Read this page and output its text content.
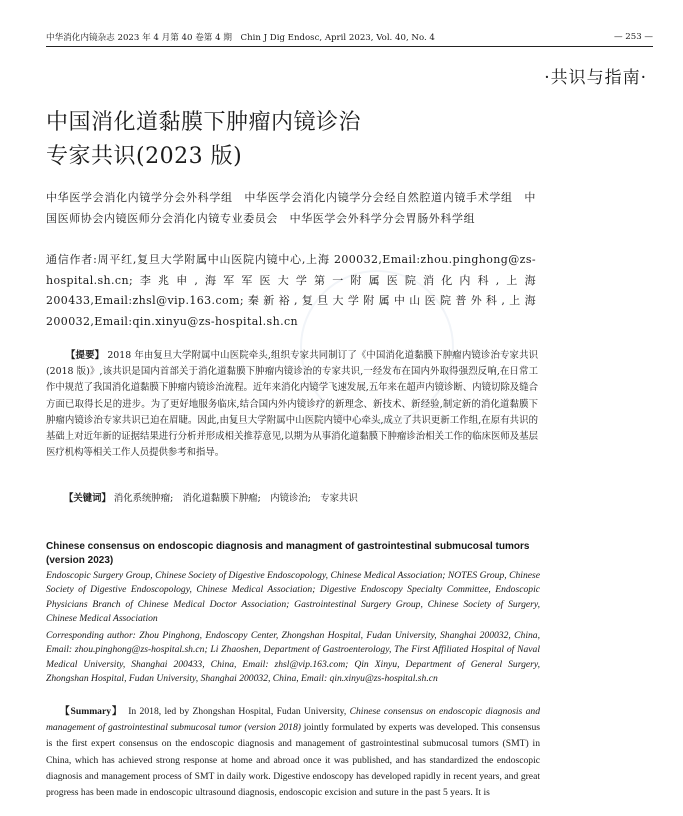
中华消化内镜杂志 2023 年 4 月第 40 卷第 4 期　Chin J Dig Endosc, April 2023, Vol. 40, No. 4	— 253 —
·共识与指南·
中国消化道黏膜下肿瘤内镜诊治
专家共识(2023 版)
中华医学会消化内镜学分会外科学组　中华医学会消化内镜学分会经自然腔道内镜手术学组　中国医师协会内镜医师分会消化内镜专业委员会　中华医学会外科学分会胃肠外科学组
通信作者:周平红,复旦大学附属中山医院内镜中心,上海 200032,Email:zhou.pinghong@zs-hospital.sh.cn;李兆申,海军军医大学第一附属医院消化内科,上海 200433,Email:zhsl@vip.163.com;秦新裕,复旦大学附属中山医院普外科,上海 200032,Email:qin.xinyu@zs-hospital.sh.cn
【提要】 2018 年由复旦大学附属中山医院牵头,组织专家共同制订了《中国消化道黏膜下肿瘤内镜诊治专家共识(2018 版)》,该共识是国内首部关于消化道黏膜下肿瘤内镜诊治的专家共识,一经发布在国内外取得强烈反响,在日常工作中规范了我国消化道黏膜下肿瘤内镜诊治流程。近年来消化内镜学飞速发展,五年来在超声内镜诊断、内镜切除及缝合方面已取得长足的进步。为了更好地服务临床,结合国内外内镜诊疗的新理念、新技术、新经验,制定新的消化道黏膜下肿瘤内镜诊治专家共识已迫在眉睫。因此,由复旦大学附属中山医院内镜中心牵头,成立了共识更新工作组,在原有共识的基础上对近年新的证据结果进行分析并形成相关推荐意见,以期为从事消化道黏膜下肿瘤诊治相关工作的临床医师及基层医疗机构等相关工作人员提供参考和指导。
【关键词】 消化系统肿瘤;　消化道黏膜下肿瘤;　内镜诊治;　专家共识
Chinese consensus on endoscopic diagnosis and managment of gastrointestinal submucosal tumors (version 2023)
Endoscopic Surgery Group, Chinese Society of Digestive Endoscopology, Chinese Medical Association; NOTES Group, Chinese Society of Digestive Endoscopology, Chinese Medical Association; Digestive Endoscopy Specialty Committee, Endoscopic Physicians Branch of Chinese Medical Doctor Association; Gastrointestinal Surgery Group, Chinese Society of Surgery, Chinese Medical Association
Corresponding author: Zhou Pinghong, Endoscopy Center, Zhongshan Hospital, Fudan University, Shanghai 200032, China, Email: zhou.pinghong@zs-hospital.sh.cn; Li Zhaoshen, Department of Gastroenterology, The First Affiliated Hospital of Naval Medical University, Shanghai 200433, China, Email: zhsl@vip.163.com; Qin Xinyu, Department of General Surgery, Zhongshan Hospital, Fudan University, Shanghai 200032, China, Email: qin.xinyu@zs-hospital.sh.cn
【Summary】　In 2018, led by Zhongshan Hospital, Fudan University, Chinese consensus on endoscopic diagnosis and management of gastrointestinal submucosal tumor (version 2018) jointly formulated by experts was developed. This consensus is the first expert consensus on the endoscopic diagnosis and management of gastrointestinal submucosal tumors (SMT) in China, which has achieved strong response at home and abroad once it was published, and has standardized the endoscopic diagnosis and management process of SMT in daily work. Digestive endoscopy has developed rapidly in recent years, and great progress has been made in endoscopic ultrasound diagnosis, endoscopic excision and suture in the past 5 years. It is
